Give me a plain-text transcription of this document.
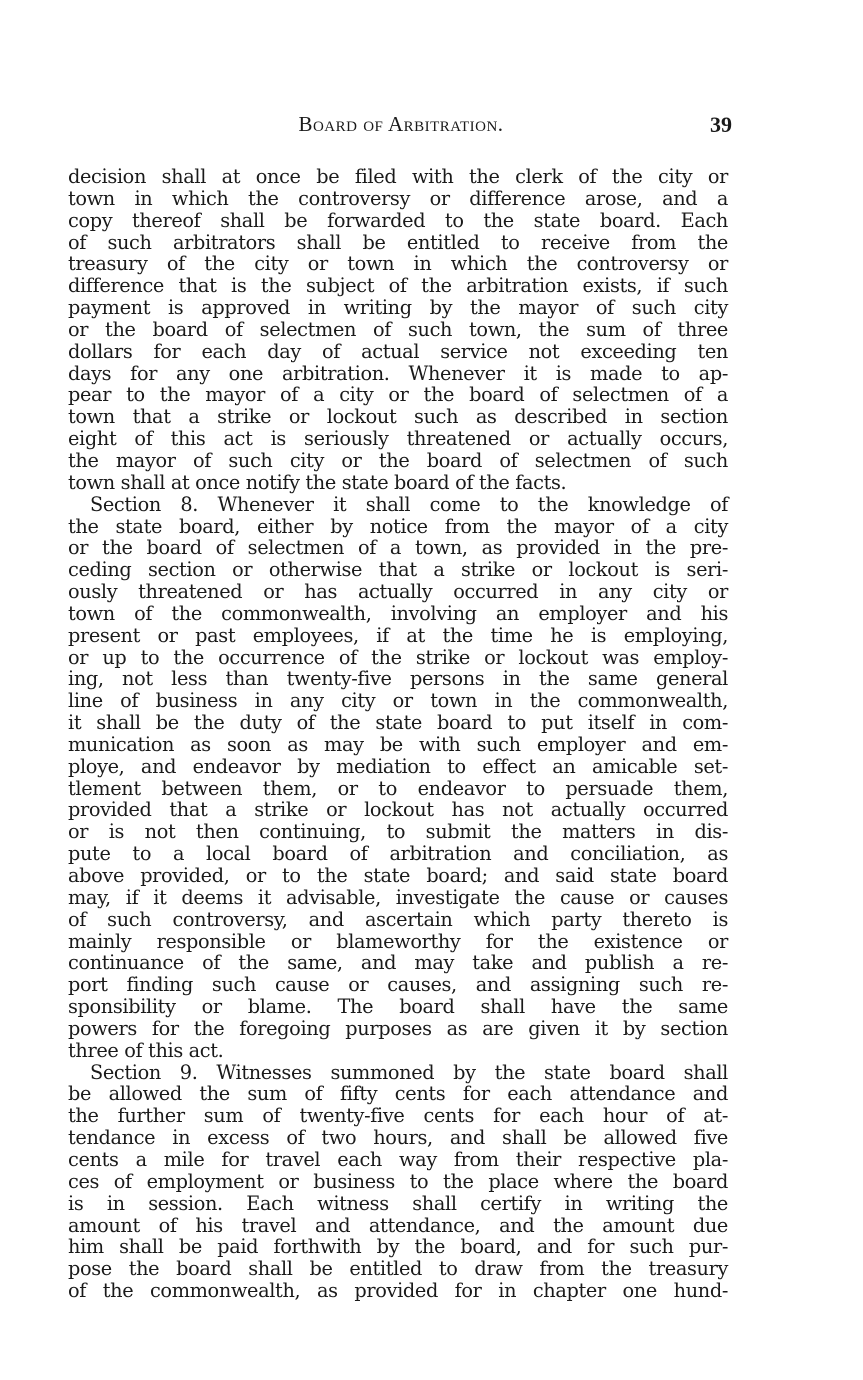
Board of Arbitration.	39
decision shall at once be filed with the clerk of the city or
town in which the controversy or difference arose, and a
copy thereof shall be forwarded to the state board. Each
of such arbitrators shall be entitled to receive from the
treasury of the city or town in which the controversy or
difference that is the subject of the arbitration exists, if such
payment is approved in writing by the mayor of such city
or the board of selectmen of such town, the sum of three
dollars for each day of actual service not exceeding ten
days for any one arbitration. Whenever it is made to ap-
pear to the mayor of a city or the board of selectmen of a
town that a strike or lockout such as described in section
eight of this act is seriously threatened or actually occurs,
the mayor of such city or the board of selectmen of such
town shall at once notify the state board of the facts.
Section 8. Whenever it shall come to the knowledge of
the state board, either by notice from the mayor of a city
or the board of selectmen of a town, as provided in the pre-
ceding section or otherwise that a strike or lockout is seri-
ously threatened or has actually occurred in any city or
town of the commonwealth, involving an employer and his
present or past employees, if at the time he is employing,
or up to the occurrence of the strike or lockout was employ-
ing, not less than twenty-five persons in the same general
line of business in any city or town in the commonwealth,
it shall be the duty of the state board to put itself in com-
munication as soon as may be with such employer and em-
ploye, and endeavor by mediation to effect an amicable set-
tlement between them, or to endeavor to persuade them,
provided that a strike or lockout has not actually occurred
or is not then continuing, to submit the matters in dis-
pute to a local board of arbitration and conciliation, as
above provided, or to the state board; and said state board
may, if it deems it advisable, investigate the cause or causes
of such controversy, and ascertain which party thereto is
mainly responsible or blameworthy for the existence or
continuance of the same, and may take and publish a re-
port finding such cause or causes, and assigning such re-
sponsibility or blame. The board shall have the same
powers for the foregoing purposes as are given it by section
three of this act.
Section 9. Witnesses summoned by the state board shall
be allowed the sum of fifty cents for each attendance and
the further sum of twenty-five cents for each hour of at-
tendance in excess of two hours, and shall be allowed five
cents a mile for travel each way from their respective pla-
ces of employment or business to the place where the board
is in session. Each witness shall certify in writing the
amount of his travel and attendance, and the amount due
him shall be paid forthwith by the board, and for such pur-
pose the board shall be entitled to draw from the treasury
of the commonwealth, as provided for in chapter one hund-
